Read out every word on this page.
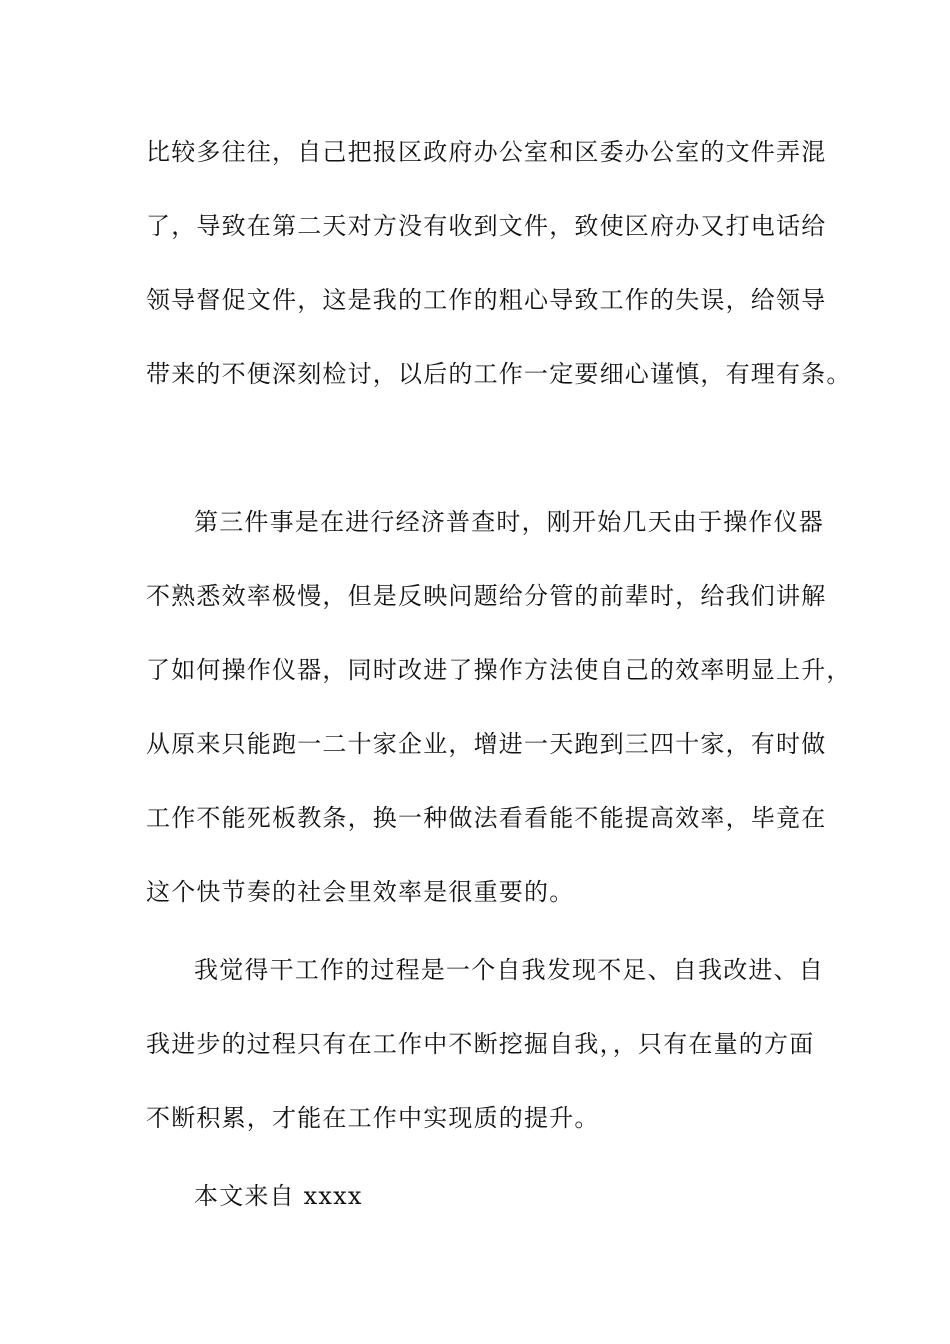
比较多往往，自己把报区政府办公室和区委办公室的文件弄混
了，导致在第二天对方没有收到文件，致使区府办又打电话给
领导督促文件，这是我的工作的粗心导致工作的失误，给领导
带来的不便深刻检讨，以后的工作一定要细心谨慎，有理有条。
第三件事是在进行经济普查时，刚开始几天由于操作仪器
不熟悉效率极慢，但是反映问题给分管的前辈时，给我们讲解
了如何操作仪器，同时改进了操作方法使自己的效率明显上升，
从原来只能跑一二十家企业，增进一天跑到三四十家，有时做
工作不能死板教条，换一种做法看看能不能提高效率，毕竟在
这个快节奏的社会里效率是很重要的。
我觉得干工作的过程是一个自我发现不足、自我改进、自
我进步的过程只有在工作中不断挖掘自我，，只有在量的方面
不断积累，才能在工作中实现质的提升。
本文来自 xxxx
